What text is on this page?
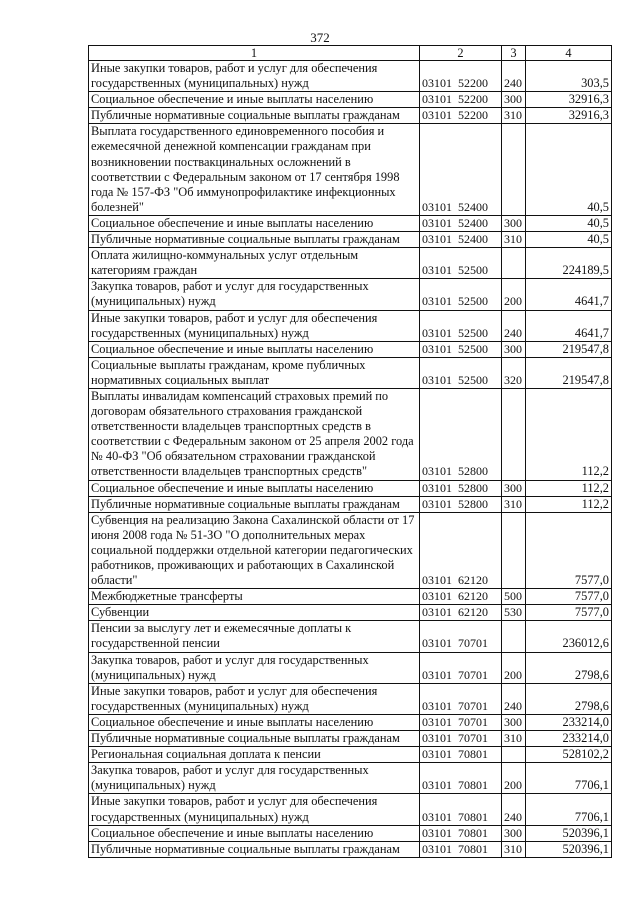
372
1	2	3	4
Иные закупки товаров, работ и услуг для обеспечения государственных (муниципальных) нужд	03101  52200	240	303,5
Социальное обеспечение и иные выплаты населению	03101  52200	300	32916,3
Публичные нормативные социальные выплаты гражданам	03101  52200	310	32916,3
Выплата государственного единовременного пособия и ежемесячной денежной компенсации гражданам при возникновении поствакцинальных осложнений в соответствии с Федеральным законом от 17 сентября 1998 года № 157-ФЗ "Об иммунопрофилактике инфекционных болезней"	03101  52400		40,5
Социальное обеспечение и иные выплаты населению	03101  52400	300	40,5
Публичные нормативные социальные выплаты гражданам	03101  52400	310	40,5
Оплата жилищно-коммунальных услуг отдельным категориям граждан	03101  52500		224189,5
Закупка товаров, работ и услуг для государственных (муниципальных) нужд	03101  52500	200	4641,7
Иные закупки товаров, работ и услуг для обеспечения государственных (муниципальных) нужд	03101  52500	240	4641,7
Социальное обеспечение и иные выплаты населению	03101  52500	300	219547,8
Социальные выплаты гражданам, кроме публичных нормативных социальных выплат	03101  52500	320	219547,8
Выплаты инвалидам компенсаций страховых премий по договорам обязательного страхования гражданской ответственности владельцев транспортных средств в соответствии с Федеральным законом от 25 апреля 2002 года № 40-ФЗ "Об обязательном страховании гражданской ответственности владельцев транспортных средств"	03101  52800		112,2
Социальное обеспечение и иные выплаты населению	03101  52800	300	112,2
Публичные нормативные социальные выплаты гражданам	03101  52800	310	112,2
Субвенция на реализацию Закона Сахалинской области от 17 июня 2008 года № 51-ЗО "О дополнительных мерах социальной поддержки отдельной категории педагогических работников, проживающих и работающих в Сахалинской области"	03101  62120		7577,0
Межбюджетные трансферты	03101  62120	500	7577,0
Субвенции	03101  62120	530	7577,0
Пенсии за выслугу лет и ежемесячные доплаты к государственной пенсии	03101  70701		236012,6
Закупка товаров, работ и услуг для государственных (муниципальных) нужд	03101  70701	200	2798,6
Иные закупки товаров, работ и услуг для обеспечения государственных (муниципальных) нужд	03101  70701	240	2798,6
Социальное обеспечение и иные выплаты населению	03101  70701	300	233214,0
Публичные нормативные социальные выплаты гражданам	03101  70701	310	233214,0
Региональная социальная доплата к пенсии	03101  70801		528102,2
Закупка товаров, работ и услуг для государственных (муниципальных) нужд	03101  70801	200	7706,1
Иные закупки товаров, работ и услуг для обеспечения государственных (муниципальных) нужд	03101  70801	240	7706,1
Социальное обеспечение и иные выплаты населению	03101  70801	300	520396,1
Публичные нормативные социальные выплаты гражданам	03101  70801	310	520396,1
